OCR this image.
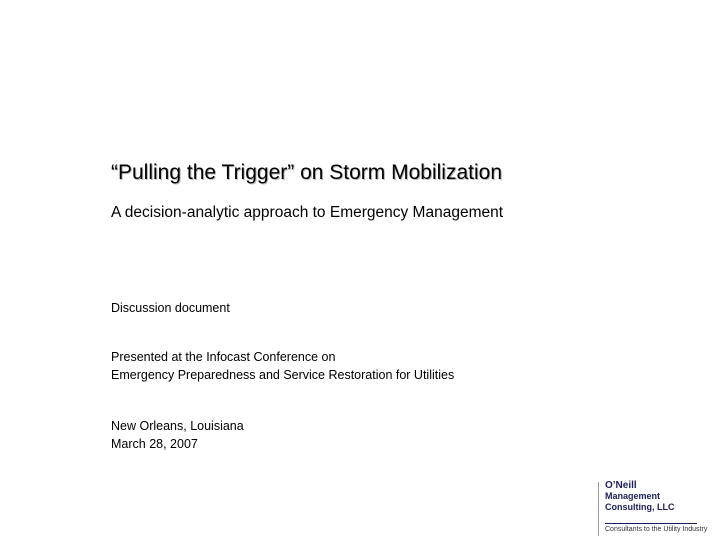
“Pulling the Trigger” on Storm Mobilization
A decision-analytic approach to Emergency Management
Discussion document
Presented at the Infocast Conference on
Emergency Preparedness and Service Restoration for Utilities
New Orleans, Louisiana
March 28, 2007
O’Neill
Management
Consulting, LLC
Consultants to the Utility Industry
